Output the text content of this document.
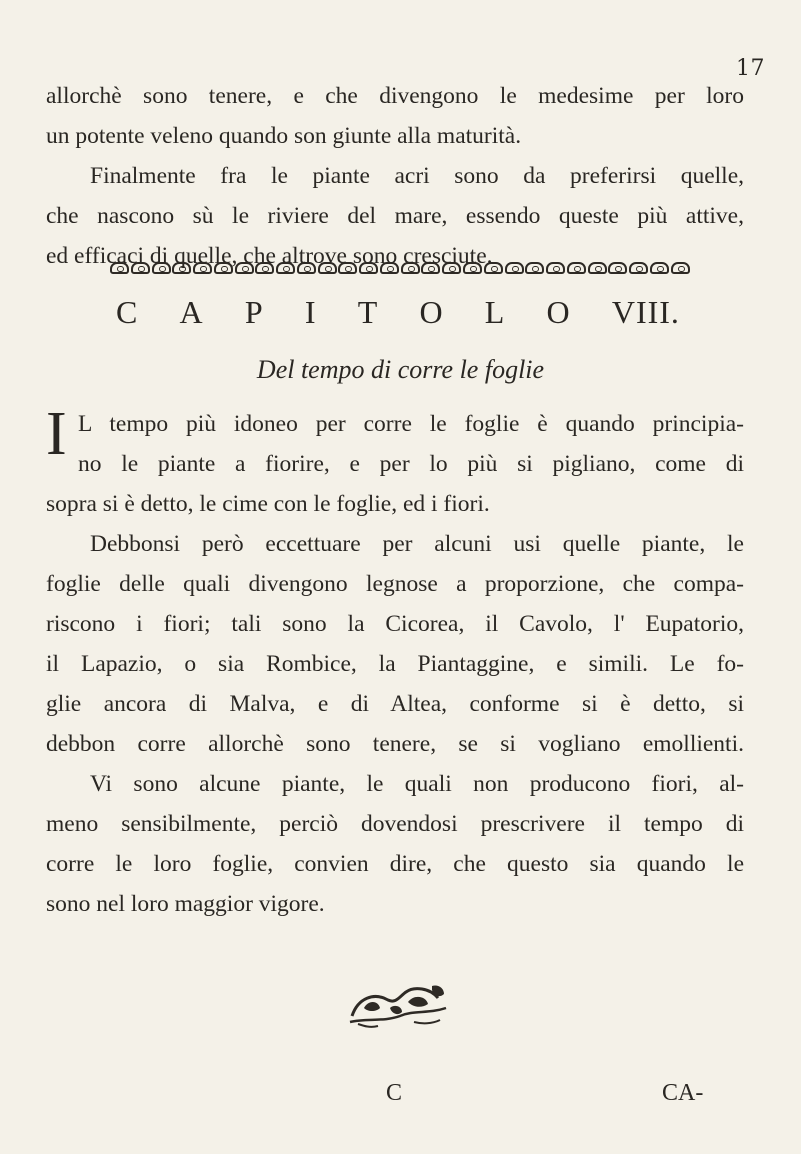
17
allorchè sono tenere, e che divengono le medesime per loro
un potente veleno quando son giunte alla maturità.
Finalmente fra le piante acri sono da preferirsi quelle,
che nascono sù le riviere del mare, essendo queste più attive,
ed efficaci di quelle, che altrove sono cresciute.
C A P I T O L O VIII.
Del tempo di corre le foglie
I L tempo più idoneo per corre le foglie è quando principia-
no le piante a fiorire, e per lo più si pigliano, come di
sopra si è detto, le cime con le foglie, ed i fiori.
Debbonsi però eccettuare per alcuni usi quelle piante, le
foglie delle quali divengono legnose a proporzione, che compa-
riscono i fiori; tali sono la Cicorea, il Cavolo, l' Eupatorio,
il Lapazio, o sia Rombice, la Piantaggine, e simili. Le fo-
glie ancora di Malva, e di Altea, conforme si è detto, si
debbon corre allorchè sono tenere, se si vogliano emollienti.
Vi sono alcune piante, le quali non producono fiori, al-
meno sensibilmente, perciò dovendosi prescrivere il tempo di
corre le loro foglie, convien dire, che questo sia quando le
sono nel loro maggior vigore.
C	CA-
